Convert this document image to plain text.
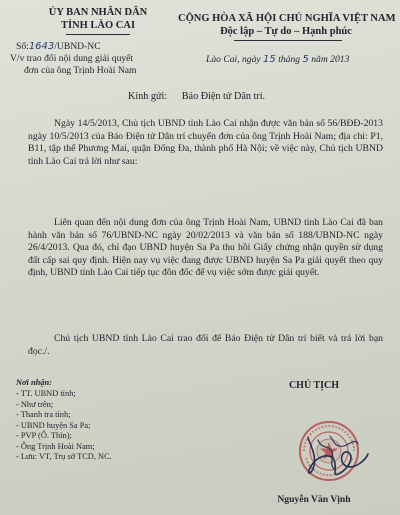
ỦY BAN NHÂN DÂN
TỈNH LÀO CAI
Số:1643/UBND-NC
V/v trao đổi nội dung giải quyết
đơn của ông Trịnh Hoài Nam
CỘNG HÒA XÃ HỘI CHỦ NGHĨA VIỆT NAM
Độc lập – Tự do – Hạnh phúc
Lào Cai, ngày 15 tháng 5 năm 2013
Kính gửi: Báo Điện tử Dân trí.
Ngày 14/5/2013, Chủ tịch UBND tỉnh Lào Cai nhận được văn bản số 56/BĐĐ-2013 ngày 10/5/2013 của Báo Điện tử Dân trí chuyển đơn của ông Trịnh Hoài Nam; địa chỉ: P1, B11, tập thể Phương Mai, quận Đống Đa, thành phố Hà Nội; về việc này, Chủ tịch UBND tỉnh Lào Cai trả lời như sau:
Liên quan đến nội dung đơn của ông Trịnh Hoài Nam, UBND tỉnh Lào Cai đã ban hành văn bản số 76/UBND-NC ngày 20/02/2013 và văn bản số 188/UBND-NC ngày 26/4/2013. Qua đó, chỉ đạo UBND huyện Sa Pa thu hồi Giấy chứng nhận quyền sử dụng đất cấp sai quy định. Hiện nay vụ việc đang được UBND huyện Sa Pa giải quyết theo quy định, UBND tỉnh Lào Cai tiếp tục đôn đốc để vụ việc sớm được giải quyết.
Chủ tịch UBND tỉnh Lào Cai trao đổi để Báo Điện tử Dân trí biết và trả lời bạn đọc./.
Nơi nhận:
- TT. UBND tỉnh;
- Như trên;
- Thanh tra tỉnh;
- UBND huyện Sa Pa;
- PVP (Ô. Thìn);
- Ông Trịnh Hoài Nam;
- Lưu: VT, Trụ sở TCD, NC.
CHỦ TỊCH
Nguyễn Văn Vịnh
